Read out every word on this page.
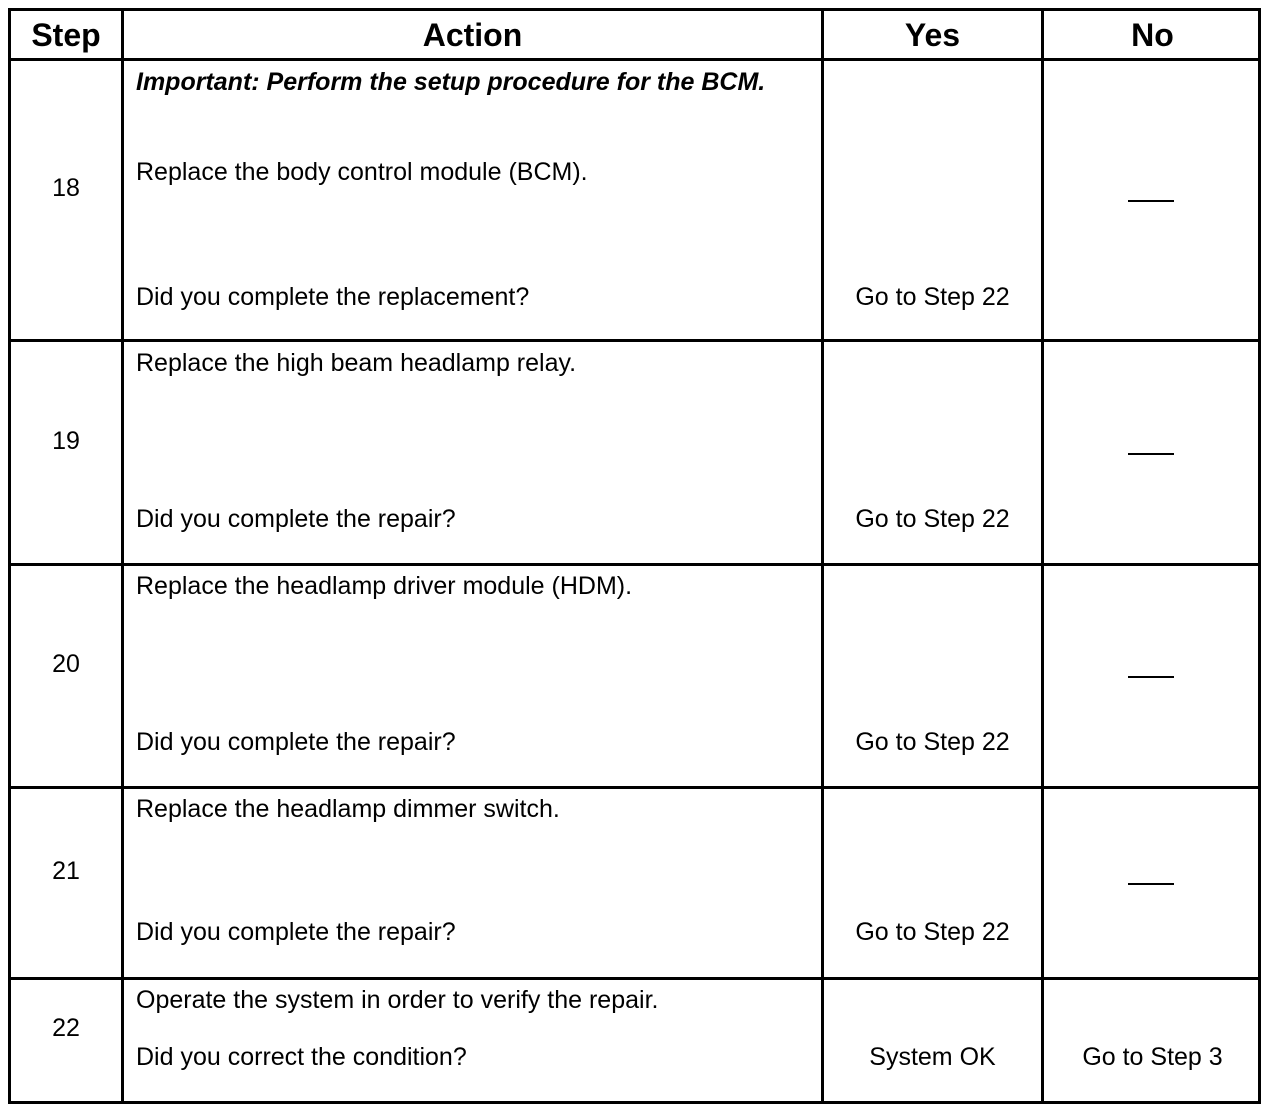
Step	Action	Yes	No
18
Important: Perform the setup procedure for the BCM.
Replace the body control module (BCM).
Did you complete the replacement?	Go to Step 22
19
Replace the high beam headlamp relay.
Did you complete the repair?	Go to Step 22
20
Replace the headlamp driver module (HDM).
Did you complete the repair?	Go to Step 22
21
Replace the headlamp dimmer switch.
Did you complete the repair?	Go to Step 22
22
Operate the system in order to verify the repair.
Did you correct the condition?	System OK	Go to Step 3
